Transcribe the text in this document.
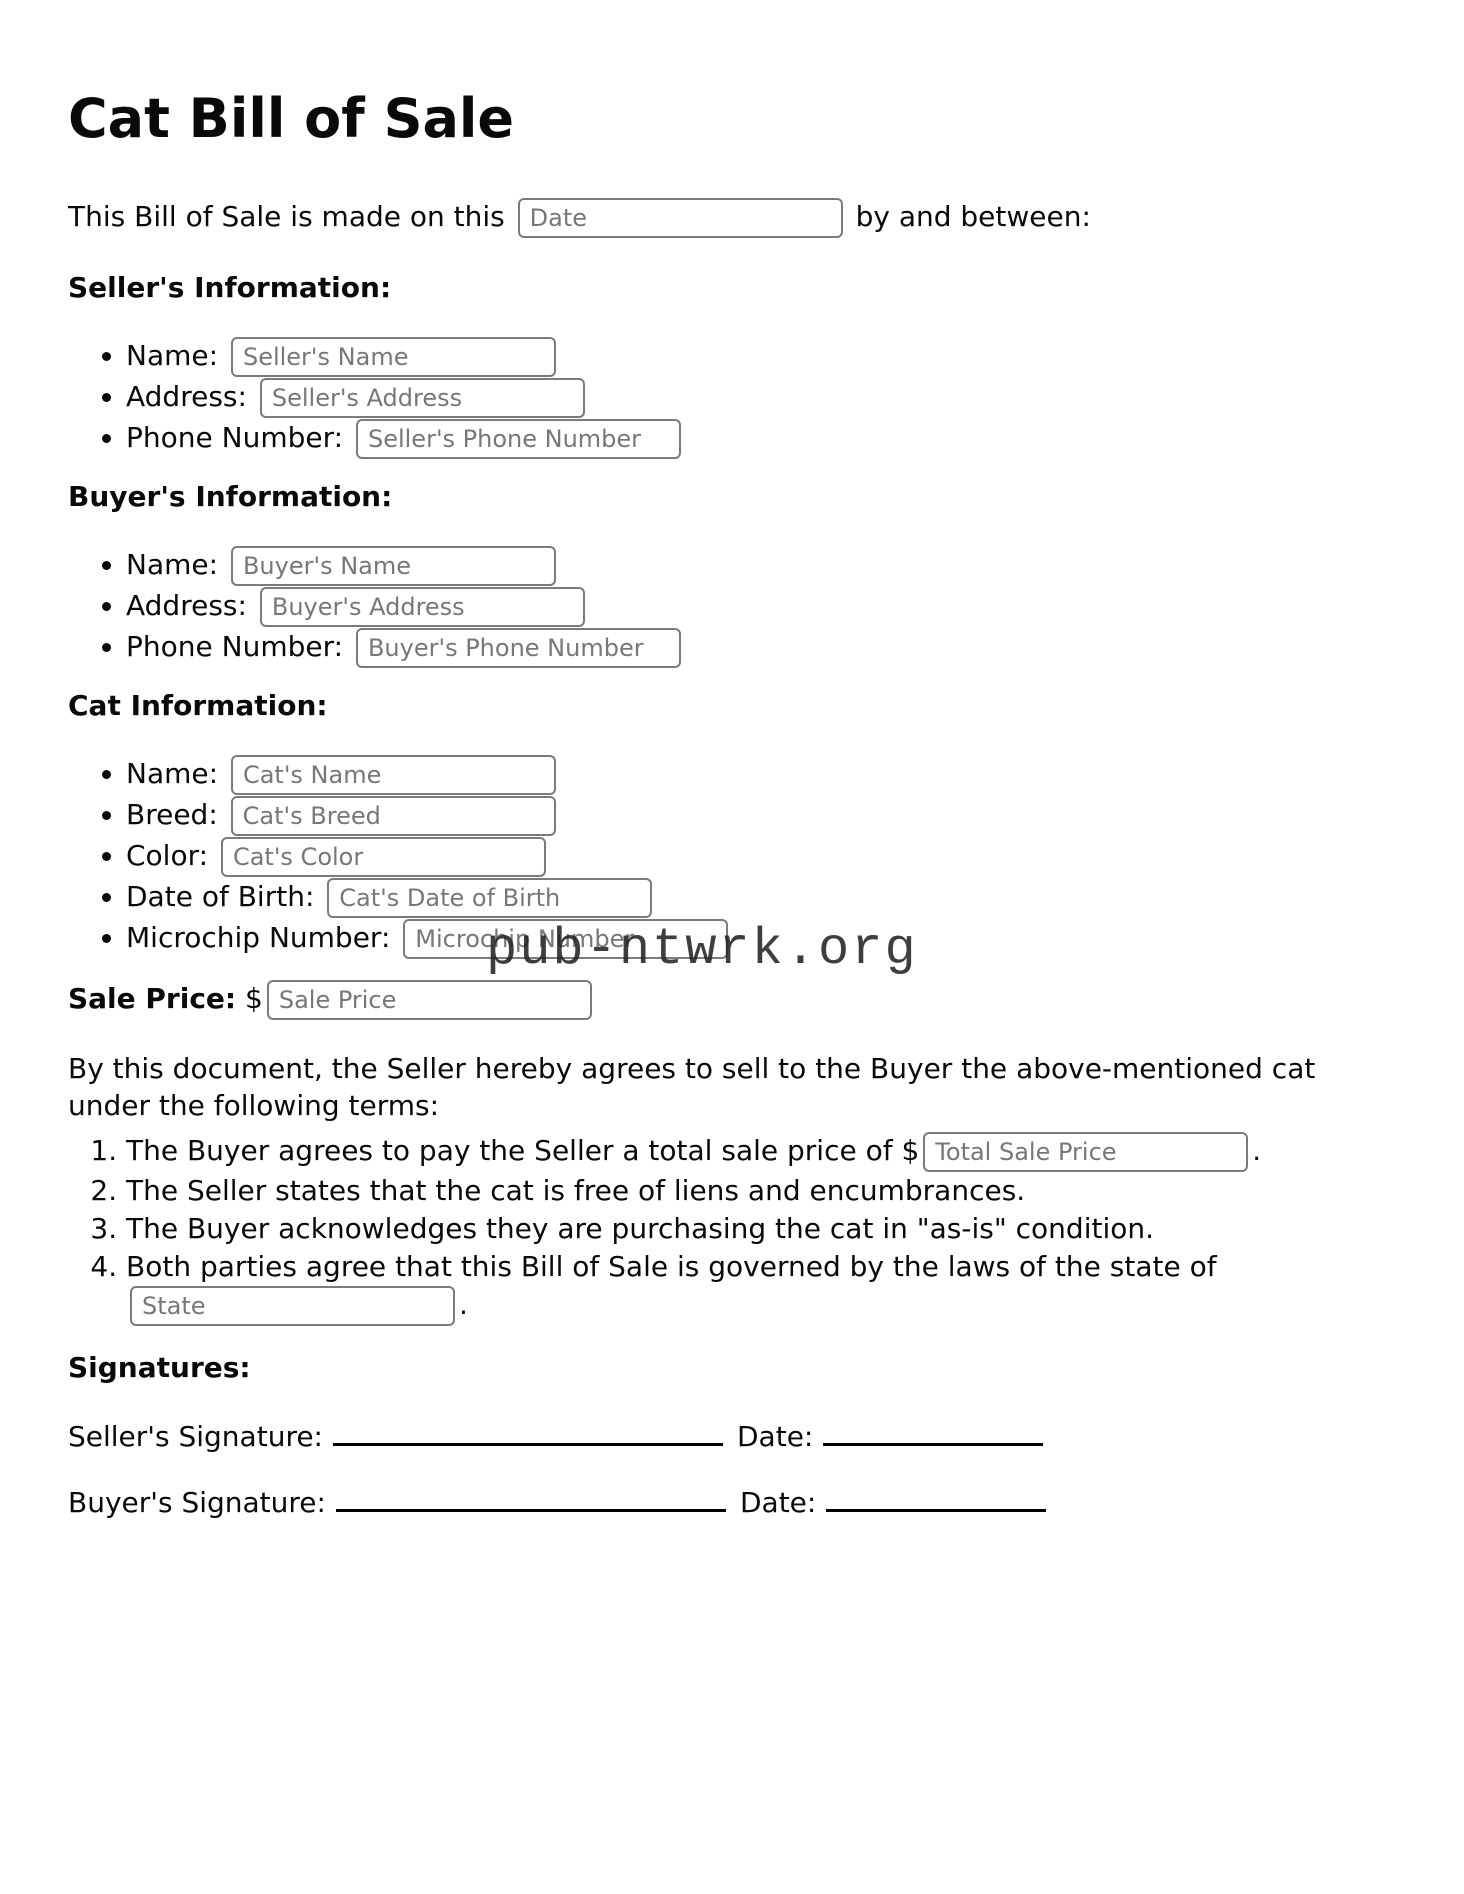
Cat Bill of Sale

This Bill of Sale is made on this Date	by and between:

Seller's Information:
• Name: Seller's Name
• Address: Seller's Address
• Phone Number: Seller's Phone Number
Buyer's Information:
• Name: Buyer's Name
• Address: Buyer's Address
• Phone Number: Buyer's Phone Number
Cat Information:
• Name: Cat's Name
• Breed: Cat's Breed
• Color: Cat's Color
• Date of Birth: Cat's Date of Birth
• Microchip Number: Microchip Number

Sale Price: $Sale Price

By this document, the Seller hereby agrees to sell to the Buyer the above-mentioned cat under the following terms:

1. The Buyer agrees to pay the Seller a total sale price of $Total Sale Price	.
2. The Seller states that the cat is free of liens and encumbrances.
3. The Buyer acknowledges they are purchasing the cat in "as-is" condition.
4. Both parties agree that this Bill of Sale is governed by the laws of the state of State.
Signatures:

Seller's Signature:	Date:

Buyer's Signature:	Date:

pub-ntwrk.org
